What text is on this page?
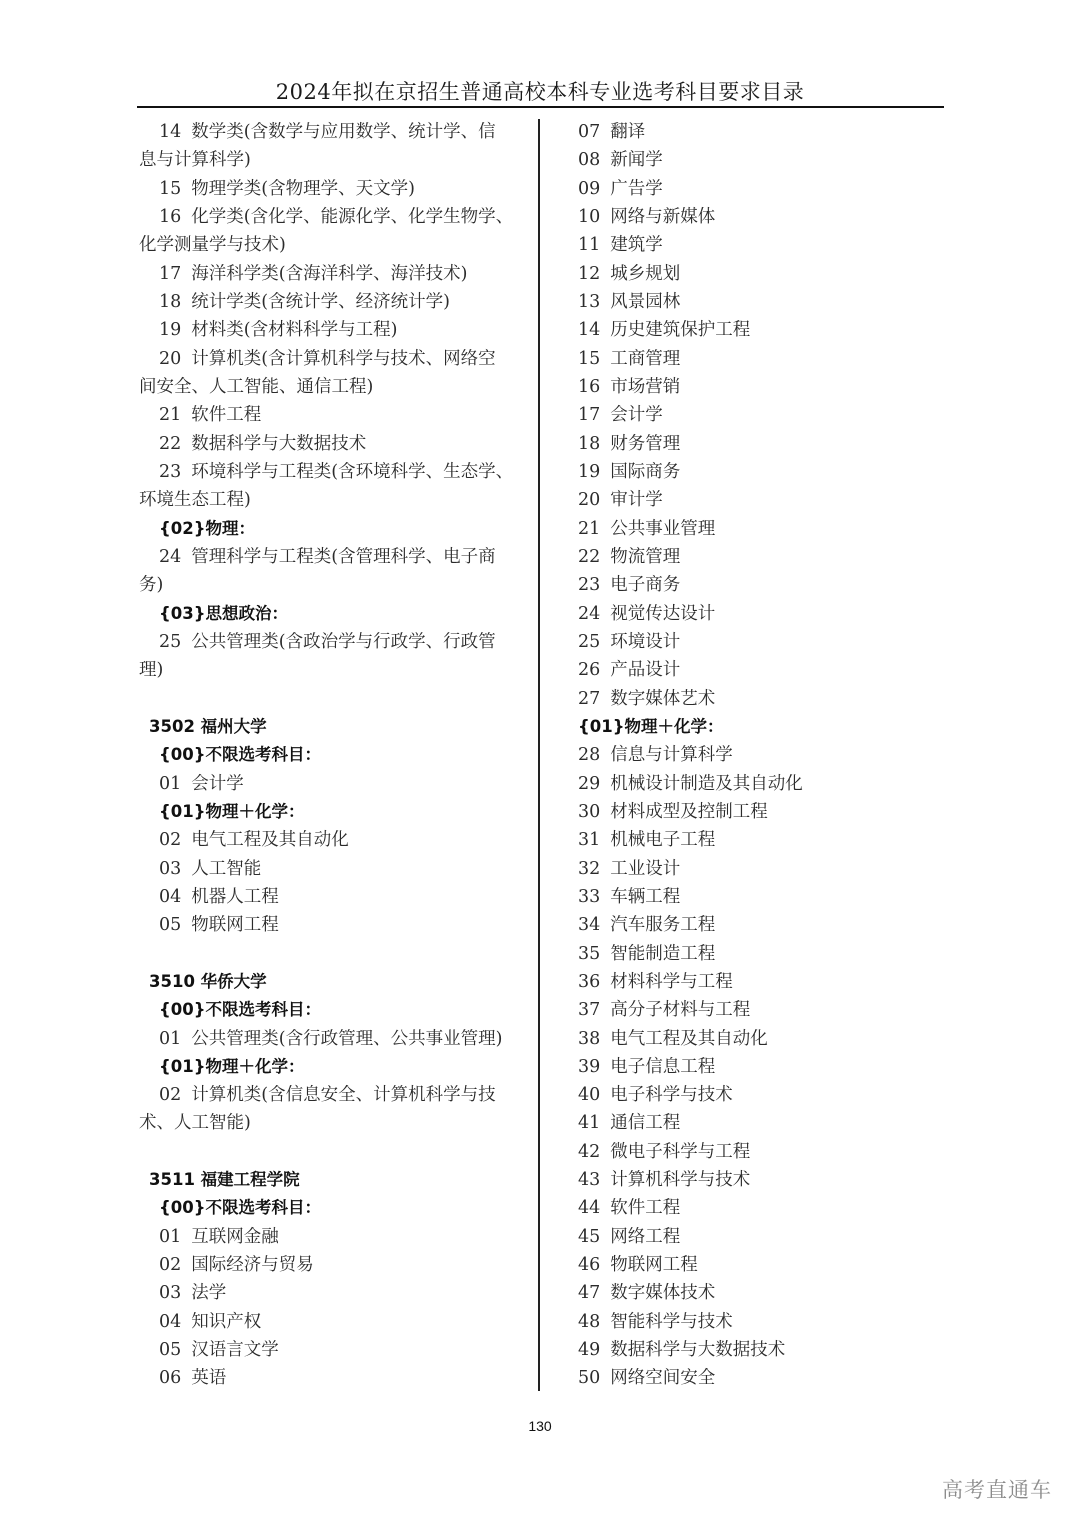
2024年拟在京招生普通高校本科专业选考科目要求目录
14 数学类(含数学与应用数学、统计学、信
息与计算科学)
15 物理学类(含物理学、天文学)
16 化学类(含化学、能源化学、化学生物学、
化学测量学与技术)
17 海洋科学类(含海洋科学、海洋技术)
18 统计学类(含统计学、经济统计学)
19 材料类(含材料科学与工程)
20 计算机类(含计算机科学与技术、网络空
间安全、人工智能、通信工程)
21 软件工程
22 数据科学与大数据技术
23 环境科学与工程类(含环境科学、生态学、
环境生态工程)
{02}物理：
24 管理科学与工程类(含管理科学、电子商
务)
{03}思想政治：
25 公共管理类(含政治学与行政学、行政管
理)
3502 福州大学
{00}不限选考科目：
01 会计学
{01}物理＋化学：
02 电气工程及其自动化
03 人工智能
04 机器人工程
05 物联网工程
3510 华侨大学
{00}不限选考科目：
01 公共管理类(含行政管理、公共事业管理)
{01}物理＋化学：
02 计算机类(含信息安全、计算机科学与技
术、人工智能)
3511 福建工程学院
{00}不限选考科目：
01 互联网金融
02 国际经济与贸易
03 法学
04 知识产权
05 汉语言文学
06 英语
07 翻译
08 新闻学
09 广告学
10 网络与新媒体
11 建筑学
12 城乡规划
13 风景园林
14 历史建筑保护工程
15 工商管理
16 市场营销
17 会计学
18 财务管理
19 国际商务
20 审计学
21 公共事业管理
22 物流管理
23 电子商务
24 视觉传达设计
25 环境设计
26 产品设计
27 数字媒体艺术
{01}物理＋化学：
28 信息与计算科学
29 机械设计制造及其自动化
30 材料成型及控制工程
31 机械电子工程
32 工业设计
33 车辆工程
34 汽车服务工程
35 智能制造工程
36 材料科学与工程
37 高分子材料与工程
38 电气工程及其自动化
39 电子信息工程
40 电子科学与技术
41 通信工程
42 微电子科学与工程
43 计算机科学与技术
44 软件工程
45 网络工程
46 物联网工程
47 数字媒体技术
48 智能科学与技术
49 数据科学与大数据技术
50 网络空间安全
130
高考直通车
